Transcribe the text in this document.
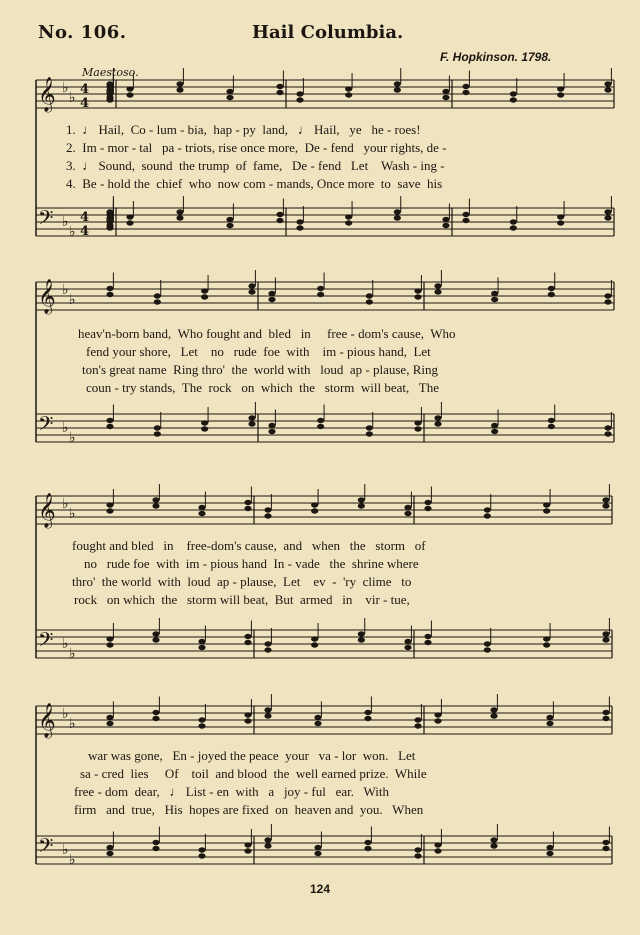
No. 106.	Hail Columbia.
F. Hopkinson. 1798.
Maestoso.
𝄞 ♭
♭
4
4
𝄢 ♭
♭
4
4
𝄞 ♭
♭
𝄢 ♭
♭
𝄞 ♭
♭
𝄢 ♭
♭
𝄞 ♭
♭
𝄢 ♭
♭
1.  ♩ Hail,  Co - lum - bia,  hap - py  land,   ♩ Hail,   ye   he - roes!
2.  Im - mor - tal   pa - triots, rise once more,  De - fend   your rights, de -
3.  ♩ Sound,  sound  the trump  of  fame,   De - fend   Let    Wash - ing -
4.  Be - hold the  chief  who  now com - mands, Once more  to  save  his
heav'n-born band,  Who fought and  bled   in     free - dom's cause,  Who
fend your shore,   Let    no   rude  foe  with    im - pious hand,  Let
ton's great name  Ring thro'  the  world with   loud  ap - plause, Ring
coun - try stands,  The  rock   on  which  the   storm  will beat,   The
fought and bled   in    free-dom's cause,  and   when   the   storm   of
no   rude foe  with  im - pious hand  In - vade   the  shrine where
thro'  the world  with  loud  ap - plause,  Let    ev  -  'ry  clime   to
rock   on which  the   storm will beat,  But  armed   in    vir - tue,
war was gone,   En - joyed the peace  your   va - lor  won.   Let
sa - cred  lies     Of    toil  and blood  the  well earned prize.  While
free - dom  dear,   ♩ List - en  with   a   joy - ful   ear.   With
firm   and  true,   His  hopes are fixed  on  heaven and  you.   When
124
